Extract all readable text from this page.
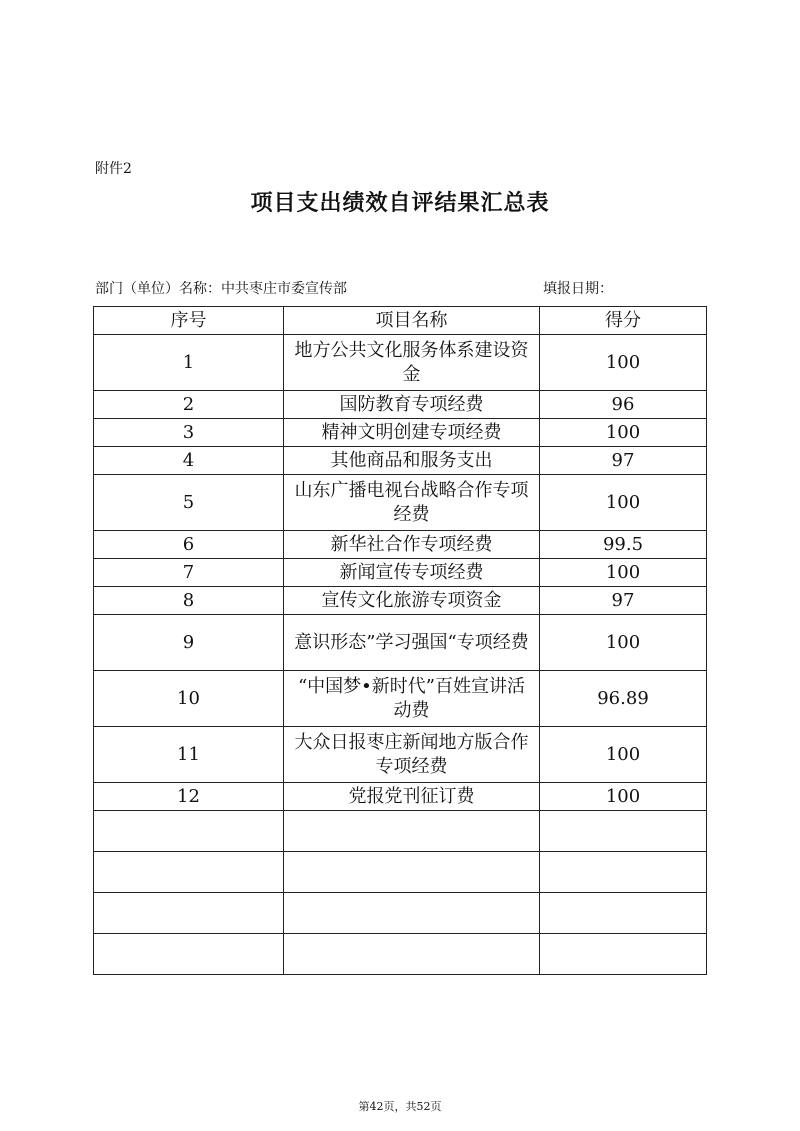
附件2
项目支出绩效自评结果汇总表
部门（单位）名称：中共枣庄市委宣传部	填报日期：
序号	项目名称	得分
1	地方公共文化服务体系建设资金	100
2	国防教育专项经费	96
3	精神文明创建专项经费	100
4	其他商品和服务支出	97
5	山东广播电视台战略合作专项经费	100
6	新华社合作专项经费	99.5
7	新闻宣传专项经费	100
8	宣传文化旅游专项资金	97
9	意识形态”学习强国“专项经费	100
10	“中国梦•新时代”百姓宣讲活动费	96.89
11	大众日报枣庄新闻地方版合作专项经费	100
12	党报党刊征订费	100

第42页，共52页
